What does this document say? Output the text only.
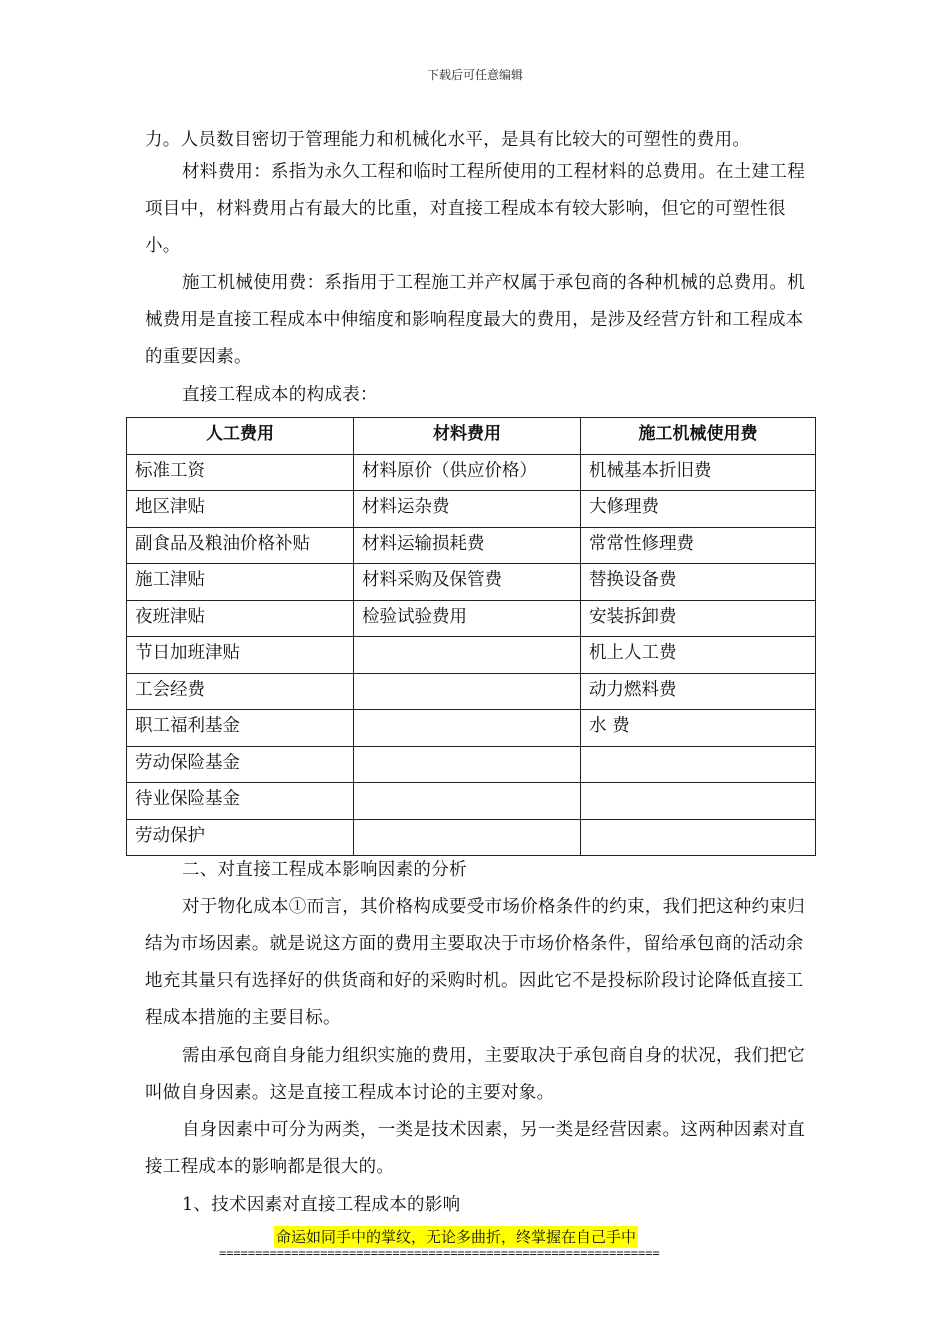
下载后可任意编辑

力。人员数目密切于管理能力和机械化水平，是具有比较大的可塑性的费用。

材料费用：系指为永久工程和临时工程所使用的工程材料的总费用。在土建工程项目中，材料费用占有最大的比重，对直接工程成本有较大影响，但它的可塑性很小。

施工机械使用费：系指用于工程施工并产权属于承包商的各种机械的总费用。机械费用是直接工程成本中伸缩度和影响程度最大的费用，是涉及经营方针和工程成本的重要因素。

直接工程成本的构成表：

人工费用	材料费用	施工机械使用费
标准工资	材料原价（供应价格）	机械基本折旧费
地区津贴	材料运杂费	大修理费
副食品及粮油价格补贴	材料运输损耗费	常常性修理费
施工津贴	材料采购及保管费	替换设备费
夜班津贴	检验试验费用	安装拆卸费
节日加班津贴		机上人工费
工会经费		动力燃料费
职工福利基金		水 费
劳动保险基金		
待业保险基金		
劳动保护		

二、对直接工程成本影响因素的分析

对于物化成本①而言，其价格构成要受市场价格条件的约束，我们把这种约束归结为市场因素。就是说这方面的费用主要取决于市场价格条件，留给承包商的活动余地充其量只有选择好的供货商和好的采购时机。因此它不是投标阶段讨论降低直接工程成本措施的主要目标。

需由承包商自身能力组织实施的费用，主要取决于承包商自身的状况，我们把它叫做自身因素。这是直接工程成本讨论的主要对象。

自身因素中可分为两类，一类是技术因素，另一类是经营因素。这两种因素对直接工程成本的影响都是很大的。

1、技术因素对直接工程成本的影响

命运如同手中的掌纹，无论多曲折，终掌握在自己手中
=============================================================
